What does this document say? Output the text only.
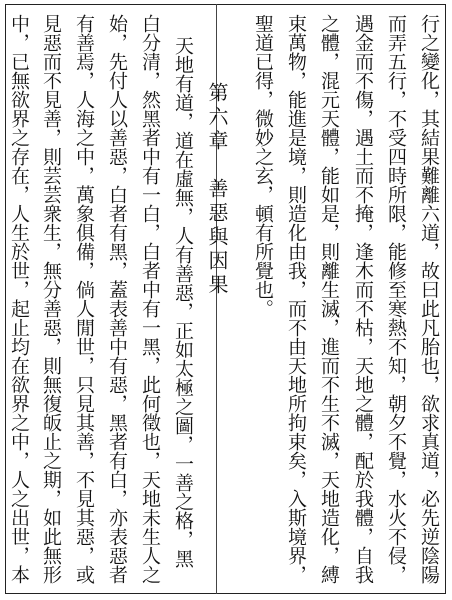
行之變化，其結果難離六道，故曰此凡胎也，欲求真道，必先逆陰陽
而弄五行，不受四時所限，能修至寒熱不知，朝夕不覺，水火不侵，
遇金而不傷，遇土而不掩，逢木而不枯，天地之體，配於我體，自我
之體，混元天體，能如是，則離生滅，進而不生不滅，天地造化，縛
束萬物，能進是境，則造化由我，而不由天地所拘束矣，入斯境界，
聖道已得，微妙之玄，頓有所覺也。
第六章　善惡與因果
天地有道，道在虛無，人有善惡，正如太極之圖，一善之格，黑
白分清，然黑者中有一白，白者中有一黑，此何徵也，天地未生人之
始，先付人以善惡，白者有黑，蓋表善中有惡，黑者有白，亦表惡者
有善焉，人海之中，萬象俱備，倘人閒世，只見其善，不見其惡，或
見惡而不見善，則芸芸衆生，無分善惡，則無復皈止之期，如此無形
中，已無欲界之存在，人生於世，起止均在欲界之中，人之出世，本
